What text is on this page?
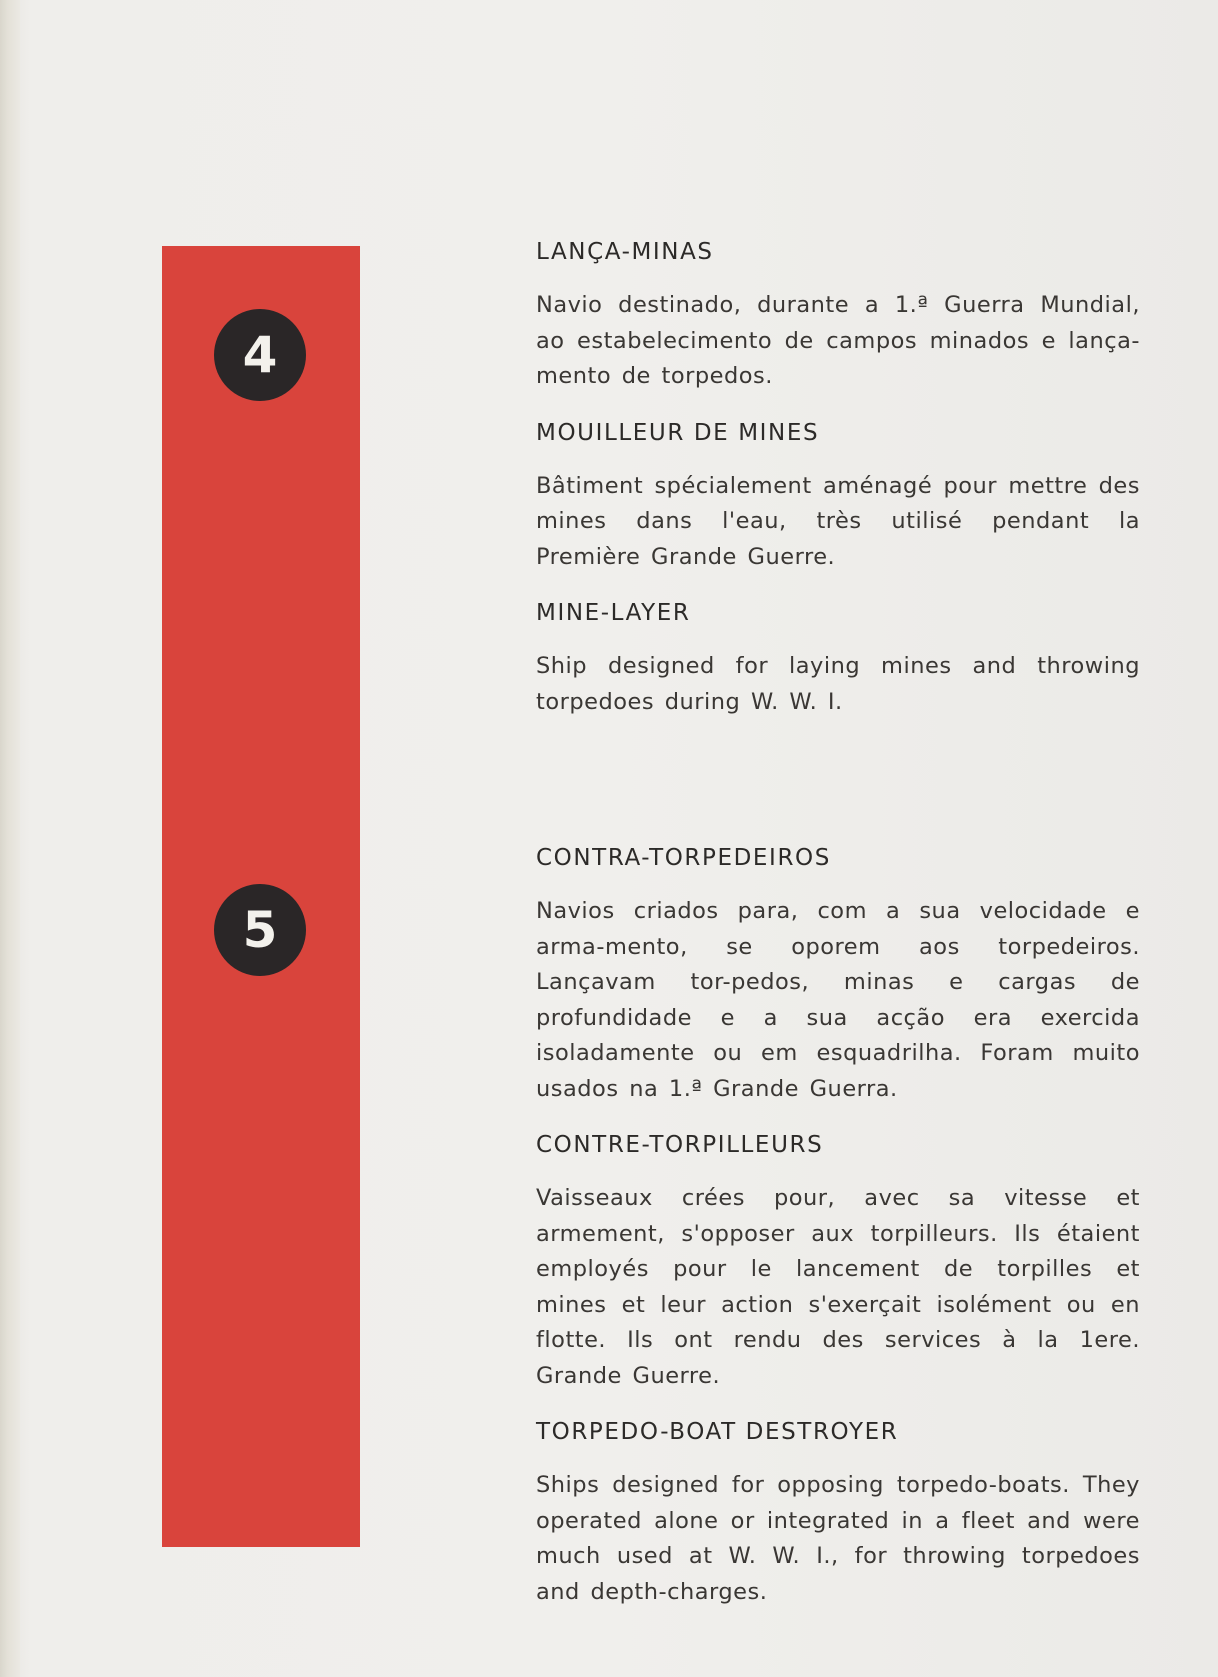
4
5

LANÇA-MINAS

Navio destinado, durante a 1.ª Guerra Mundial, ao estabelecimento de campos minados e lança-mento de torpedos.

MOUILLEUR DE MINES

Bâtiment spécialement aménagé pour mettre des mines dans l'eau, très utilisé pendant la Première Grande Guerre.

MINE-LAYER

Ship designed for laying mines and throwing torpedoes during W. W. I.

CONTRA-TORPEDEIROS

Navios criados para, com a sua velocidade e arma-mento, se oporem aos torpedeiros. Lançavam tor-pedos, minas e cargas de profundidade e a sua acção era exercida isoladamente ou em esquadrilha. Foram muito usados na 1.ª Grande Guerra.

CONTRE-TORPILLEURS

Vaisseaux crées pour, avec sa vitesse et armement, s'opposer aux torpilleurs. Ils étaient employés pour le lancement de torpilles et mines et leur action s'exerçait isolément ou en flotte. Ils ont rendu des services à la 1ere. Grande Guerre.

TORPEDO-BOAT DESTROYER

Ships designed for opposing torpedo-boats. They operated alone or integrated in a fleet and were much used at W. W. I., for throwing torpedoes and depth-charges.
